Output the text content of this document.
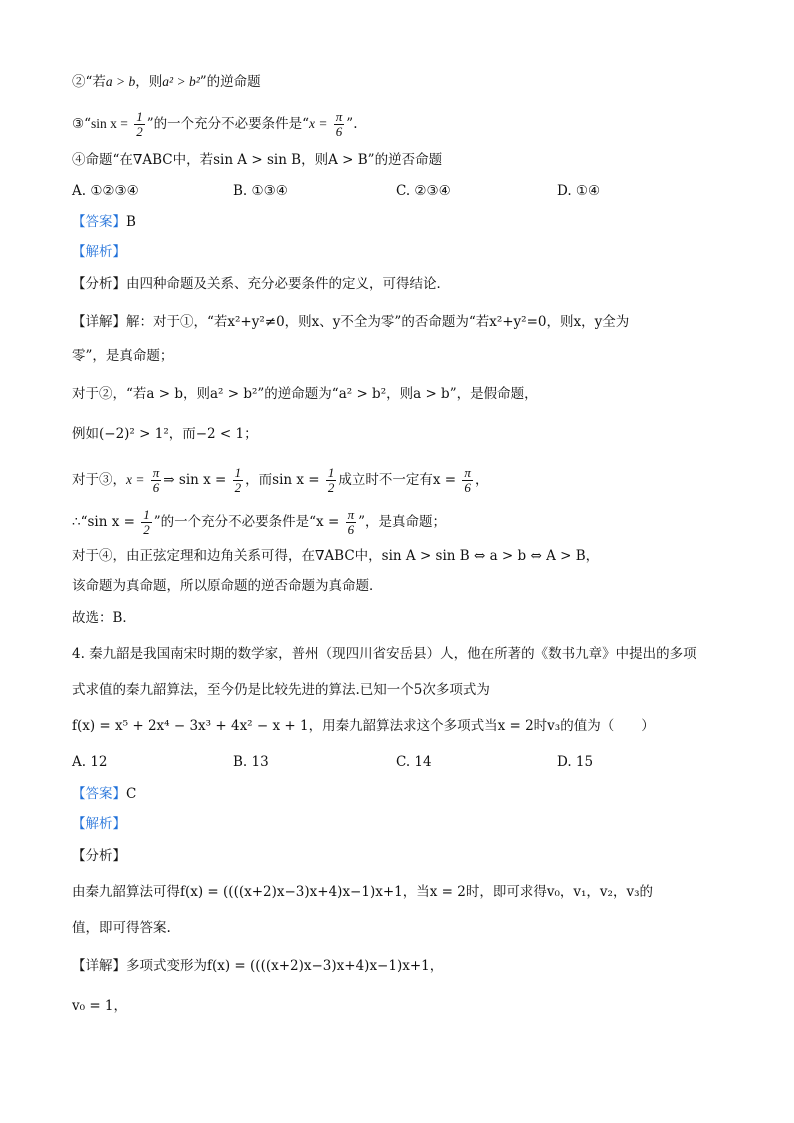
②“若a > b，则a² > b²”的逆命题
③“sin $x = \frac{1}{2}$ ”的一个充分不必要条件是“$x = \frac{\pi}{6}$ ”.
④命题“在∇ABC中，若sin A > sin B，则A > B”的逆否命题
A. ①②③④	B. ①③④	C. ②③④	D. ①④
【答案】B
【解析】
【分析】由四种命题及关系、充分必要条件的定义，可得结论．
【详解】解：对于①，“若x²+y²≠0，则x、y不全为零”的否命题为“若x²+y²=0，则x，y全为
零”，是真命题；
对于②，“若a > b，则a² > b²”的逆命题为“a² > b²，则a > b”，是假命题，
例如(−2)² > 1²，而−2 < 1；
对于③，$x = \frac{\pi}{6}$ ⇒ $\sin x = \frac{1}{2}$ ，而$\sin x = \frac{1}{2}$ 成立时不一定有$x = \frac{\pi}{6}$ ，
∴“sin $x = \frac{1}{2}$ ”的一个充分不必要条件是“$x = \frac{\pi}{6}$ ”，是真命题；
对于④，由正弦定理和边角关系可得，在∇ABC中，sin A > sin B ⇔ a > b ⇔ A > B，
该命题为真命题，所以原命题的逆否命题为真命题．
故选：B．
4. 秦九韶是我国南宋时期的数学家，普州（现四川省安岳县）人，他在所著的《数书九章》中提出的多项
式求值的秦九韶算法，至今仍是比较先进的算法.已知一个5次多项式为
f(x) = x⁵ + 2x⁴ − 3x³ + 4x² − x + 1，用秦九韶算法求这个多项式当x = 2时v₃的值为（　　）
A. 12	B. 13	C. 14	D. 15
【答案】C
【解析】
【分析】
由秦九韶算法可得f(x) = ((((x+2)x−3)x+4)x−1)x+1，当x = 2时，即可求得v₀，v₁，v₂，v₃的
值，即可得答案.
【详解】多项式变形为f(x) = ((((x+2)x−3)x+4)x−1)x+1，
v₀ = 1，
